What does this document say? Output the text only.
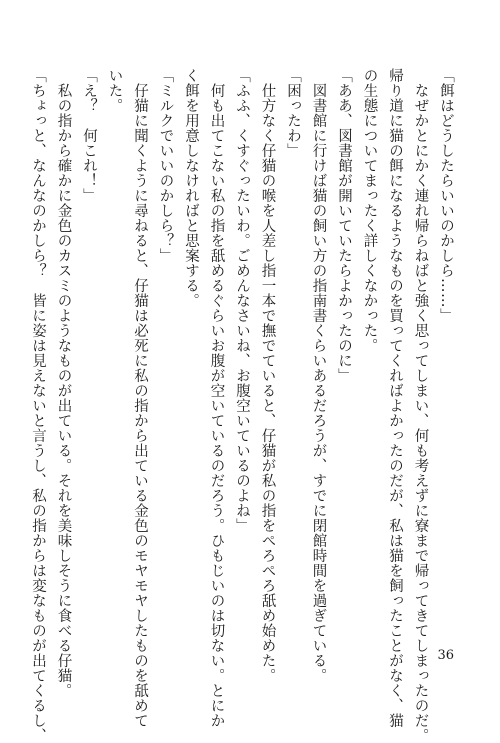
「餌はどうしたらいいのかしら……」

　なぜかとにかく連れ帰らねばと強く思ってしまい、何も考えずに寮まで帰ってきてしまったのだ。

帰り道に猫の餌になるようなものを買ってくればよかったのだが、私は猫を飼ったことがなく、猫

の生態についてまったく詳しくなかった。

「ああ、図書館が開いていたらよかったのに」

　図書館に行けば猫の飼い方の指南書くらいあるだろうが、すでに閉館時間を過ぎている。

「困ったわ」

　仕方なく仔猫の喉を人差し指一本で撫でていると、仔猫が私の指をぺろぺろ舐め始めた。

「ふふ、くすぐったいわ。ごめんなさいね、お腹空いているのよね」

　何も出てこない私の指を舐めるぐらいお腹が空いているのだろう。ひもじいのは切ない。とにか

く餌を用意しなければと思案する。

「ミルクでいいのかしら？」

　仔猫に聞くように尋ねると、仔猫は必死に私の指から出ている金色のモヤモヤしたものを舐めて

いた。

「え？　何これ！」

　私の指から確かに金色のカスミのようなものが出ている。それを美味しそうに食べる仔猫。

「ちょっと、なんなのかしら？　皆に姿は見えないと言うし、私の指からは変なものが出てくるし、	36
